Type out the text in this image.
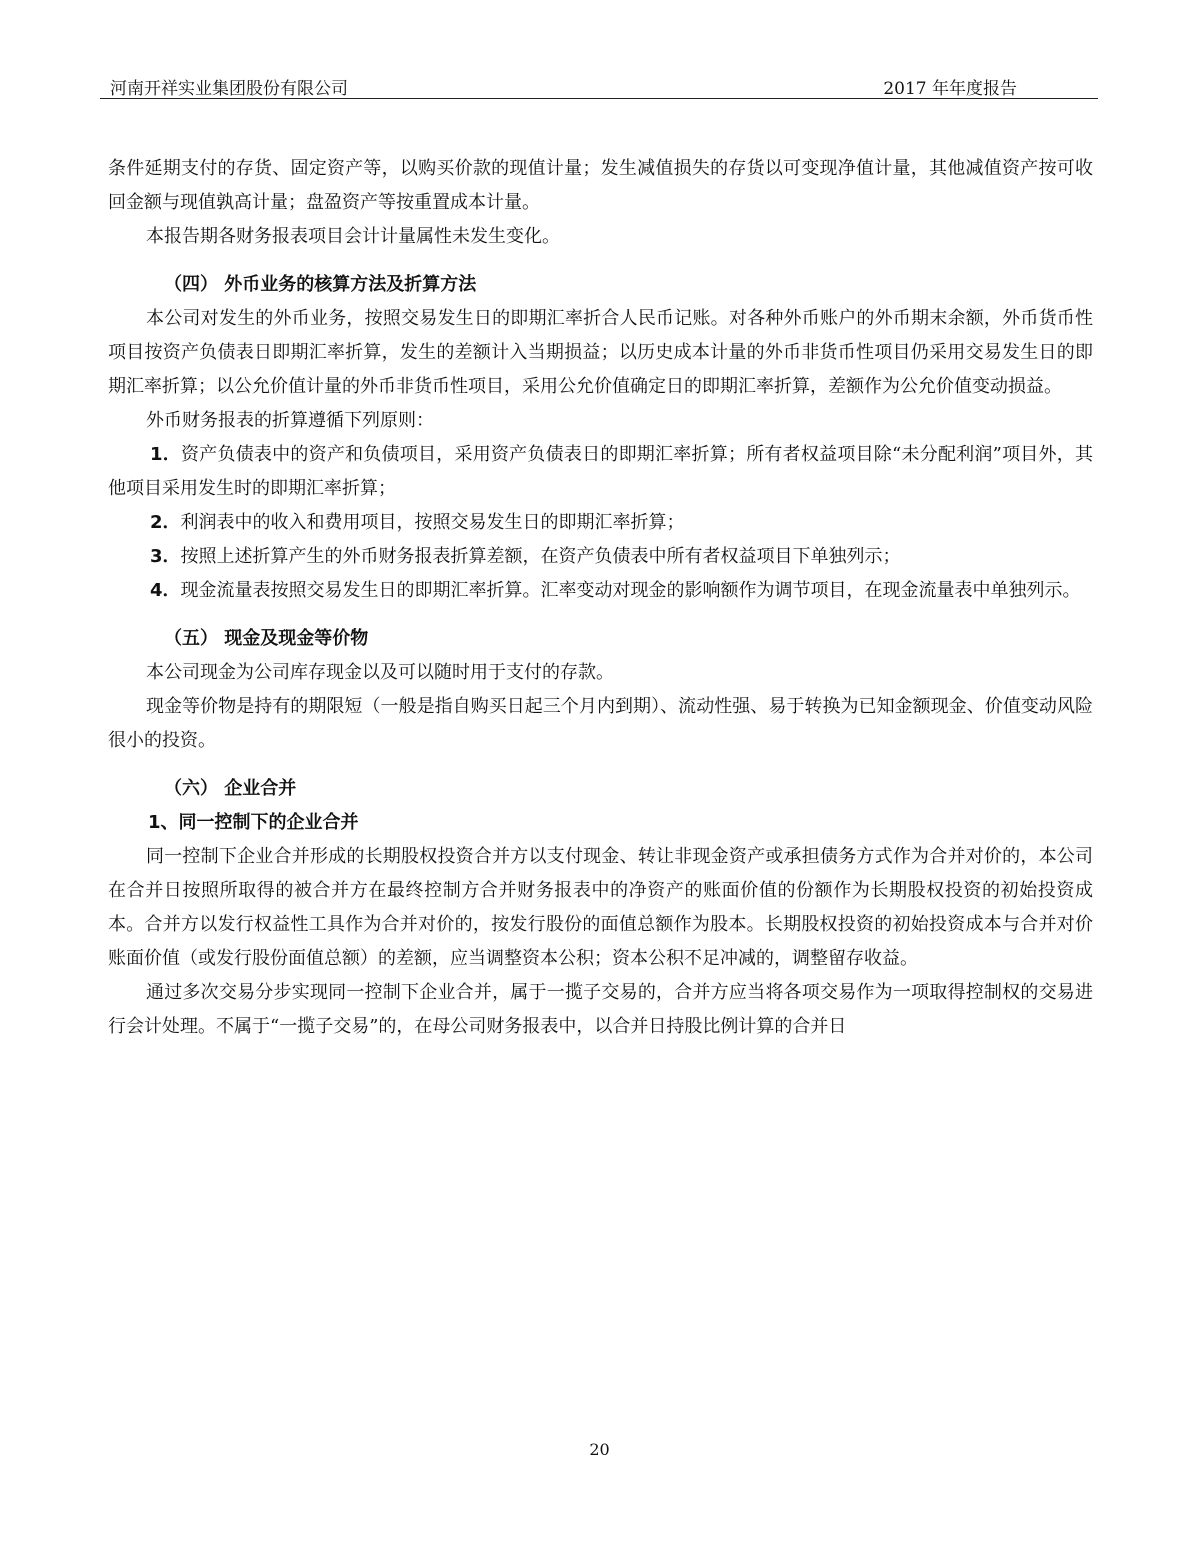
河南开祥实业集团股份有限公司	2017 年年度报告

条件延期支付的存货、固定资产等，以购买价款的现值计量；发生减值损失的存货以可变现净值计量，其他减值资产按可收回金额与现值孰高计量；盘盈资产等按重置成本计量。

本报告期各财务报表项目会计计量属性未发生变化。

（四） 外币业务的核算方法及折算方法

本公司对发生的外币业务，按照交易发生日的即期汇率折合人民币记账。对各种外币账户的外币期末余额，外币货币性项目按资产负债表日即期汇率折算，发生的差额计入当期损益；以历史成本计量的外币非货币性项目仍采用交易发生日的即期汇率折算；以公允价值计量的外币非货币性项目，采用公允价值确定日的即期汇率折算，差额作为公允价值变动损益。

外币财务报表的折算遵循下列原则：

1．资产负债表中的资产和负债项目，采用资产负债表日的即期汇率折算；所有者权益项目除“未分配利润”项目外，其他项目采用发生时的即期汇率折算；

2．利润表中的收入和费用项目，按照交易发生日的即期汇率折算；

3．按照上述折算产生的外币财务报表折算差额，在资产负债表中所有者权益项目下单独列示；

4．现金流量表按照交易发生日的即期汇率折算。汇率变动对现金的影响额作为调节项目，在现金流量表中单独列示。

（五） 现金及现金等价物

本公司现金为公司库存现金以及可以随时用于支付的存款。

现金等价物是持有的期限短（一般是指自购买日起三个月内到期）、流动性强、易于转换为已知金额现金、价值变动风险很小的投资。

（六） 企业合并

1、同一控制下的企业合并

同一控制下企业合并形成的长期股权投资合并方以支付现金、转让非现金资产或承担债务方式作为合并对价的，本公司在合并日按照所取得的被合并方在最终控制方合并财务报表中的净资产的账面价值的份额作为长期股权投资的初始投资成本。合并方以发行权益性工具作为合并对价的，按发行股份的面值总额作为股本。长期股权投资的初始投资成本与合并对价账面价值（或发行股份面值总额）的差额，应当调整资本公积；资本公积不足冲减的，调整留存收益。

通过多次交易分步实现同一控制下企业合并，属于一揽子交易的，合并方应当将各项交易作为一项取得控制权的交易进行会计处理。不属于“一揽子交易”的，在母公司财务报表中，以合并日持股比例计算的合并日

20
